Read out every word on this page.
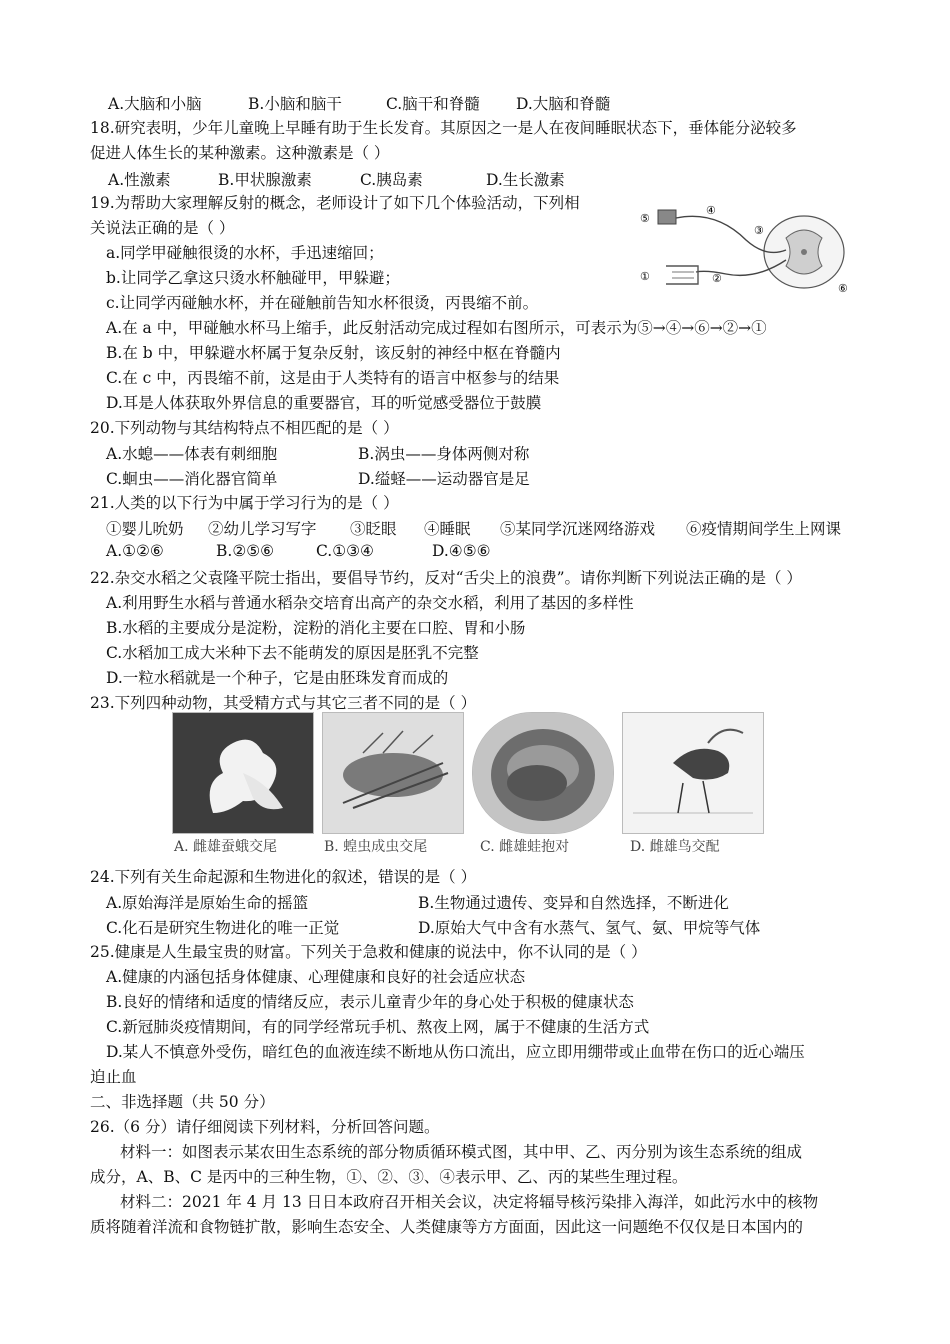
A.大脑和小脑	B.小脑和脑干	C.脑干和脊髓 D.大脑和脊髓
18.研究表明，少年儿童晚上早睡有助于生长发育。其原因之一是人在夜间睡眠状态下，垂体能分泌较多
促进人体生长的某种激素。这种激素是（ ）
A.性激素	B.甲状腺激素	C.胰岛素	D.生长激素
19.为帮助大家理解反射的概念，老师设计了如下几个体验活动，下列相
关说法正确的是（ ）
a.同学甲碰触很烫的水杯，手迅速缩回；
b.让同学乙拿这只烫水杯触碰甲，甲躲避；
c.让同学丙碰触水杯，并在碰触前告知水杯很烫，丙畏缩不前。
A.在 a 中，甲碰触水杯马上缩手，此反射活动完成过程如右图所示，可表示为⑤→④→⑥→②→①
B.在 b 中，甲躲避水杯属于复杂反射，该反射的神经中枢在脊髓内
C.在 c 中，丙畏缩不前，这是由于人类特有的语言中枢参与的结果
D.耳是人体获取外界信息的重要器官，耳的听觉感受器位于鼓膜
⑤
④
①	②
③
⑥
20.下列动物与其结构特点不相匹配的是（ ）
A.水螅——体表有刺细胞	B.涡虫——身体两侧对称
C.蛔虫——消化器官简单	D.缢蛏——运动器官是足
21.人类的以下行为中属于学习行为的是（ ）
①婴儿吮奶 ②幼儿学习写字 ③眨眼 ④睡眠 ⑤某同学沉迷网络游戏 ⑥疫情期间学生上网课
A.①②⑥	B.②⑤⑥	C.①③④	D.④⑤⑥
22.杂交水稻之父袁隆平院士指出，要倡导节约，反对“舌尖上的浪费”。请你判断下列说法正确的是（ ）
A.利用野生水稻与普通水稻杂交培育出高产的杂交水稻，利用了基因的多样性
B.水稻的主要成分是淀粉，淀粉的消化主要在口腔、胃和小肠
C.水稻加工成大米种下去不能萌发的原因是胚乳不完整
D.一粒水稻就是一个种子，它是由胚珠发育而成的
23.下列四种动物，其受精方式与其它三者不同的是（ ）
A. 雌雄蚕蛾交尾	B. 蝗虫成虫交尾	C. 雌雄蛙抱对	D. 雌雄鸟交配
24.下列有关生命起源和生物进化的叙述，错误的是（ ）
A.原始海洋是原始生命的摇篮	B.生物通过遗传、变异和自然选择，不断进化
C.化石是研究生物进化的唯一正觉	D.原始大气中含有水蒸气、氢气、氨、甲烷等气体
25.健康是人生最宝贵的财富。下列关于急救和健康的说法中，你不认同的是（ ）
A.健康的内涵包括身体健康、心理健康和良好的社会适应状态
B.良好的情绪和适度的情绪反应，表示儿童青少年的身心处于积极的健康状态
C.新冠肺炎疫情期间，有的同学经常玩手机、熬夜上网，属于不健康的生活方式
D.某人不慎意外受伤，暗红色的血液连续不断地从伤口流出，应立即用绷带或止血带在伤口的近心端压
迫止血
二、非选择题（共 50 分）
26.（6 分）请仔细阅读下列材料，分析回答问题。
材料一：如图表示某农田生态系统的部分物质循环模式图，其中甲、乙、丙分别为该生态系统的组成
成分，A、B、C 是丙中的三种生物，①、②、③、④表示甲、乙、丙的某些生理过程。
材料二：2021 年 4 月 13 日日本政府召开相关会议，决定将辐导核污染排入海洋，如此污水中的核物
质将随着洋流和食物链扩散，影响生态安全、人类健康等方方面面，因此这一问题绝不仅仅是日本国内的
